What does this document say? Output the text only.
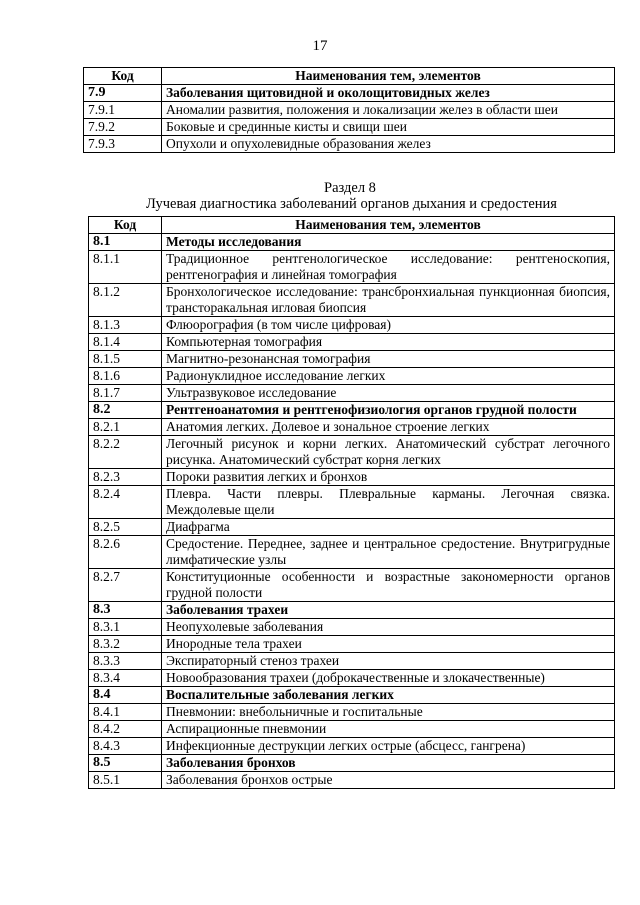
17
Код	Наименования тем, элементов
7.9	Заболевания щитовидной и околощитовидных желез
7.9.1	Аномалии развития, положения и локализации желез в области шеи
7.9.2	Боковые и срединные кисты и свищи шеи
7.9.3	Опухоли и опухолевидные образования желез
Раздел 8
Лучевая диагностика заболеваний органов дыхания и средостения
Код	Наименования тем, элементов
8.1	Методы исследования
8.1.1	Традиционное рентгенологическое исследование: рентгеноскопия, рентгенография и линейная томография
8.1.2	Бронхологическое исследование: трансбронхиальная пункционная биопсия, трансторакальная игловая биопсия
8.1.3	Флюорография (в том числе цифровая)
8.1.4	Компьютерная томография
8.1.5	Магнитно-резонансная томография
8.1.6	Радионуклидное исследование легких
8.1.7	Ультразвуковое исследование
8.2	Рентгеноанатомия и рентгенофизиология органов грудной полости
8.2.1	Анатомия легких. Долевое и зональное строение легких
8.2.2	Легочный рисунок и корни легких. Анатомический субстрат легочного рисунка. Анатомический субстрат корня легких
8.2.3	Пороки развития легких и бронхов
8.2.4	Плевра. Части плевры. Плевральные карманы. Легочная связка. Междолевые щели
8.2.5	Диафрагма
8.2.6	Средостение. Переднее, заднее и центральное средостение. Внутригрудные лимфатические узлы
8.2.7	Конституционные особенности и возрастные закономерности органов грудной полости
8.3	Заболевания трахеи
8.3.1	Неопухолевые заболевания
8.3.2	Инородные тела трахеи
8.3.3	Экспираторный стеноз трахеи
8.3.4	Новообразования трахеи (доброкачественные и злокачественные)
8.4	Воспалительные заболевания легких
8.4.1	Пневмонии: внебольничные и госпитальные
8.4.2	Аспирационные пневмонии
8.4.3	Инфекционные деструкции легких острые (абсцесс, гангрена)
8.5	Заболевания бронхов
8.5.1	Заболевания бронхов острые
